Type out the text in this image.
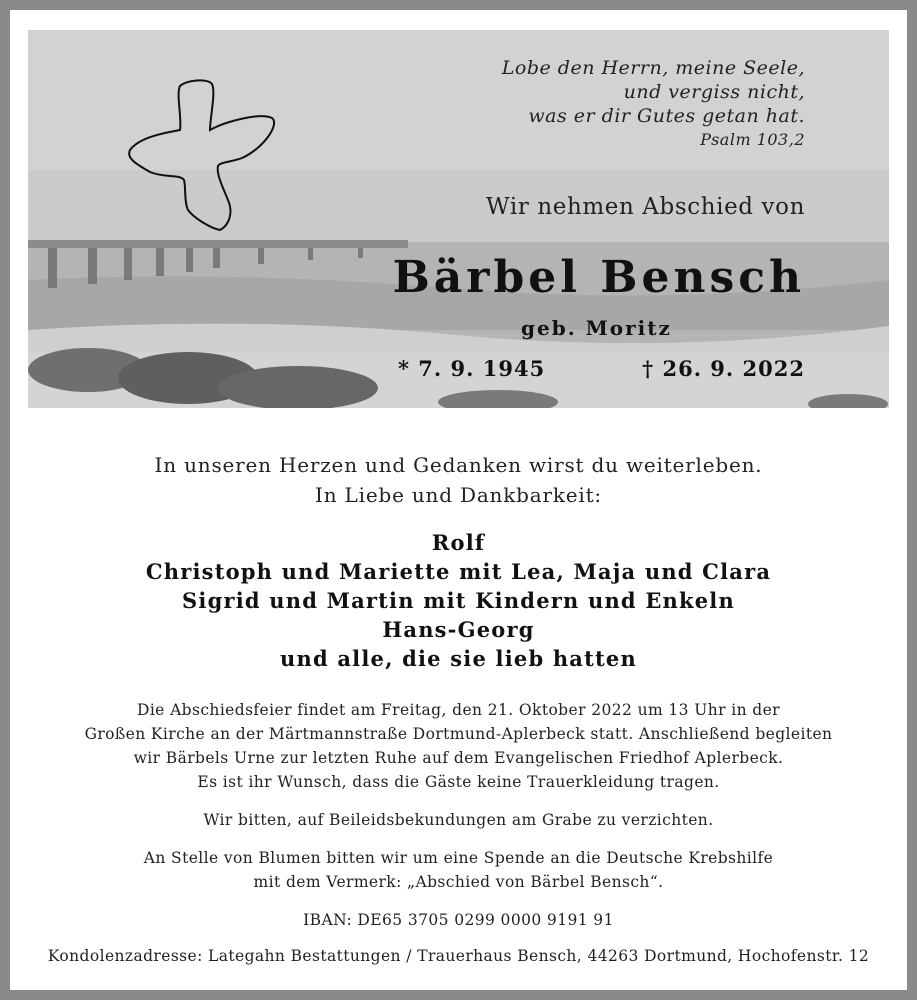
Lobe den Herrn, meine Seele,
und vergiss nicht,
was er dir Gutes getan hat.
Psalm 103,2
Wir nehmen Abschied von
Bärbel Bensch
geb. Moritz
* 7. 9. 1945	† 26. 9. 2022
In unseren Herzen und Gedanken wirst du weiterleben.
In Liebe und Dankbarkeit:
Rolf
Christoph und Mariette mit Lea, Maja und Clara
Sigrid und Martin mit Kindern und Enkeln
Hans-Georg
und alle, die sie lieb hatten
Die Abschiedsfeier findet am Freitag, den 21. Oktober 2022 um 13 Uhr in der
Großen Kirche an der Märtmannstraße Dortmund-Aplerbeck statt. Anschließend begleiten
wir Bärbels Urne zur letzten Ruhe auf dem Evangelischen Friedhof Aplerbeck.
Es ist ihr Wunsch, dass die Gäste keine Trauerkleidung tragen.
Wir bitten, auf Beileidsbekundungen am Grabe zu verzichten.
An Stelle von Blumen bitten wir um eine Spende an die Deutsche Krebshilfe
mit dem Vermerk: „Abschied von Bärbel Bensch“.
IBAN: DE65 3705 0299 0000 9191 91
Kondolenzadresse: Lategahn Bestattungen / Trauerhaus Bensch, 44263 Dortmund, Hochofenstr. 12
